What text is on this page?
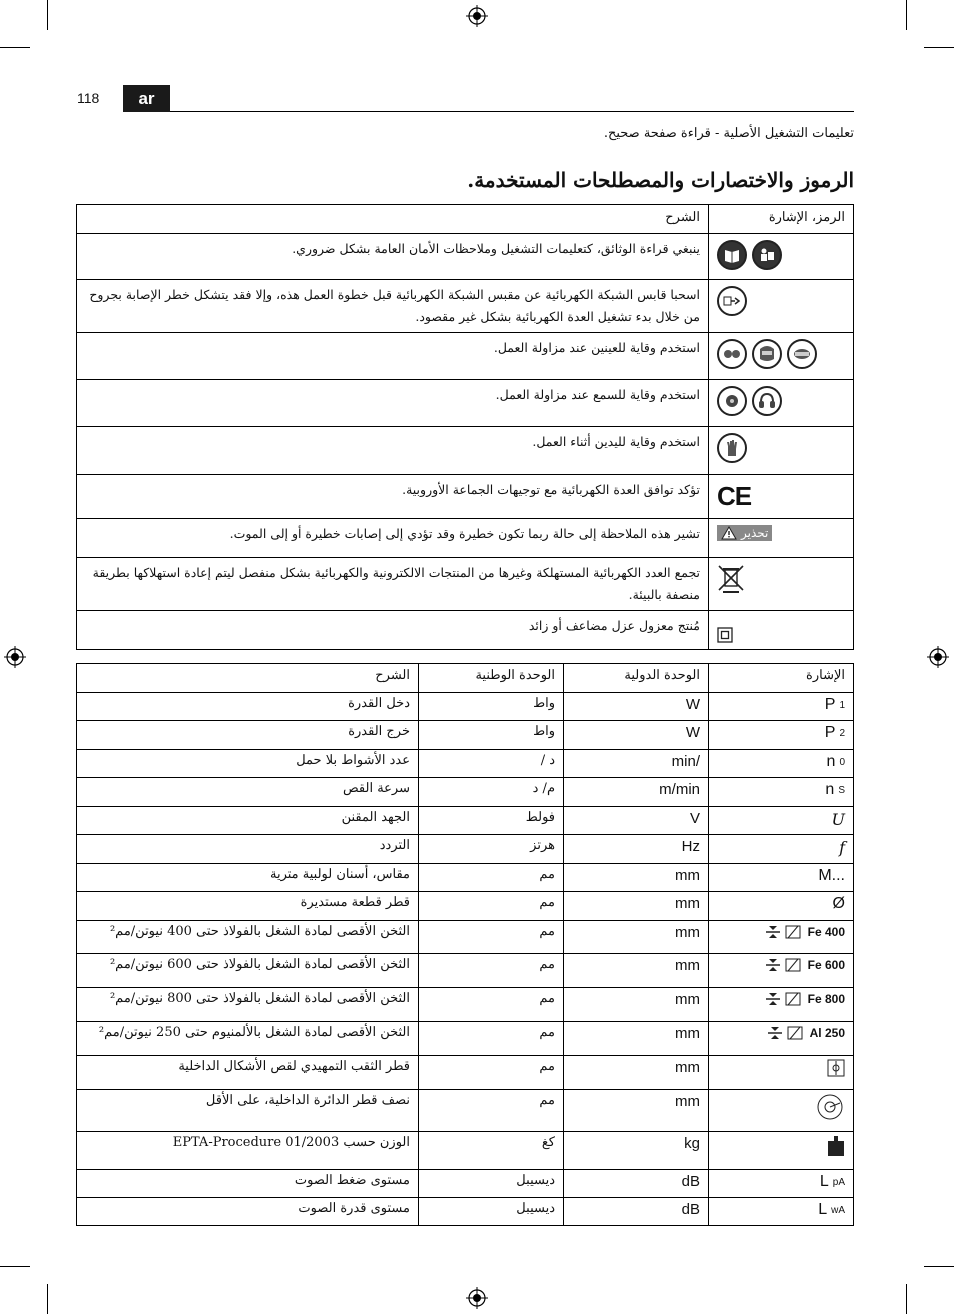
118	ar
تعليمات التشغيل الأصلية - قراءة صفحة صحيح.
الرموز والاختصارات والمصطلحات المستخدمة.
الرمز، الإشارة	الشرح

	ينبغي قراءة الوثائق، كتعليمات التشغيل وملاحظات الأمان العامة بشكل ضروري.

	اسحبا قابس الشبكة الكهربائية عن مقبس الشبكة الكهربائية قبل خطوة العمل هذه، وإلا فقد يتشكل خطر الإصابة بجروح من خلال بدء تشغيل العدة الكهربائية بشكل غير مقصود.

	استخدم وقاية للعينين عند مزاولة العمل.

	استخدم وقاية للسمع عند مزاولة العمل.

	استخدم وقاية لليدين أثناء العمل.

CE	تؤكد توافق العدة الكهربائية مع توجيهات الجماعة الأوروبية.

تحذير	تشير هذه الملاحظة إلى حالة ربما تكون خطيرة وقد تؤدي إلى إصابات خطيرة أو إلى الموت.

	تجمع العدد الكهربائية المستهلكة وغيرها من المنتجات الالكترونية والكهربائية بشكل منفصل ليتم إعادة استهلاكها بطريقة منصفة بالبيئة.

	مُنتج معزول عزل مضاعف أو زائد
الإشارة	الوحدة الدولية	الوحدة الوطنية	الشرح

P 1	W	واط	دخل القدرة

P 2	W	واط	خرج القدرة

n 0	/min	د /	عدد الأشواط بلا حمل

n S	m/min	م/ د	سرعة القص

U	V	فولط	الجهد المقنن

f	Hz	هرتز	التردد

M...	mm	مم	مقاس، أسنان لولبية مترية

Ø	mm	مم	قطر قطعة مستديرة

Fe 400	mm	مم	الثخن الأقصى لمادة الشغل بالفولاذ حتى 400 نيوتن/مم²

Fe 600	mm	مم	الثخن الأقصى لمادة الشغل بالفولاذ حتى 600 نيوتن/مم²

Fe 800	mm	مم	الثخن الأقصى لمادة الشغل بالفولاذ حتى 800 نيوتن/مم²

Al 250	mm	مم	الثخن الأقصى لمادة الشغل بالألمنيوم حتى 250 نيوتن/مم²

	mm	مم	قطر الثقب التمهيدي لقص الأشكال الداخلية

	mm	مم	نصف قطر الدائرة الداخلية، على الأقل

	kg	كغ	الوزن حسب EPTA-Procedure 01/2003

L pA	dB	ديسيبل	مستوى ضغط الصوت

L wA	dB	ديسيبل	مستوى قدرة الصوت
